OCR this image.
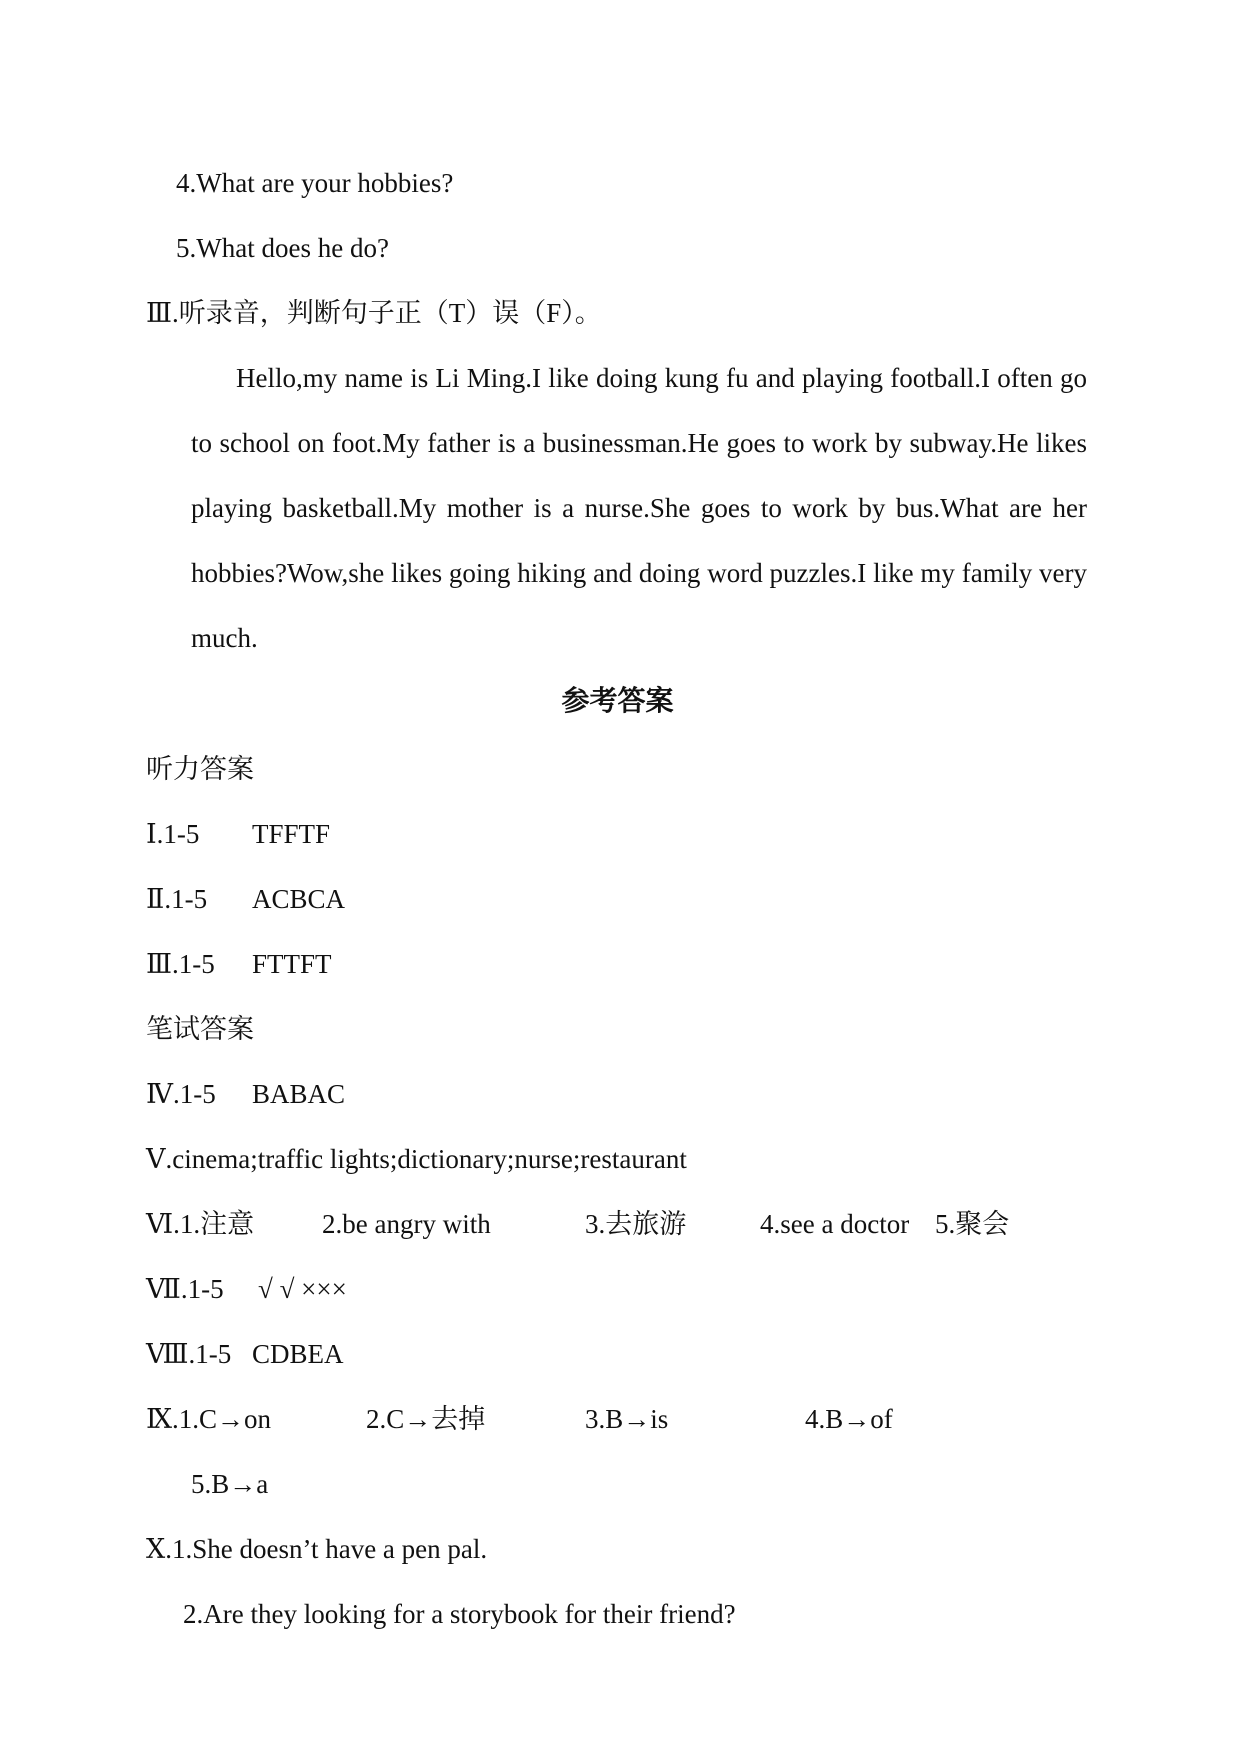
4.What are your hobbies?
5.What does he do?
Ⅲ.听录音，判断句子正（T）误（F）。
Hello,my name is Li Ming.I like doing kung fu and playing football.I often go to school on foot.My father is a businessman.He goes to work by subway.He likes playing basketball.My mother is a nurse.She goes to work by bus.What are her hobbies?Wow,she likes going hiking and doing word puzzles.I like my family very much.
参考答案
听力答案
Ⅰ.1-5 TFFTF
Ⅱ.1-5 ACBCA
Ⅲ.1-5 FTTFT
笔试答案
Ⅳ.1-5 BABAC
Ⅴ.cinema;traffic lights;dictionary;nurse;restaurant
Ⅵ.1.注意	2.be angry with	3.去旅游	4.see a doctor 5.聚会
Ⅶ.1-5 √ √ ×××
Ⅷ.1-5 CDBEA
Ⅸ.1.C→on	2.C→去掉	3.B→is	4.B→of
5.B→a
Ⅹ.1.She doesn’t have a pen pal.
2.Are they looking for a storybook for their friend?
